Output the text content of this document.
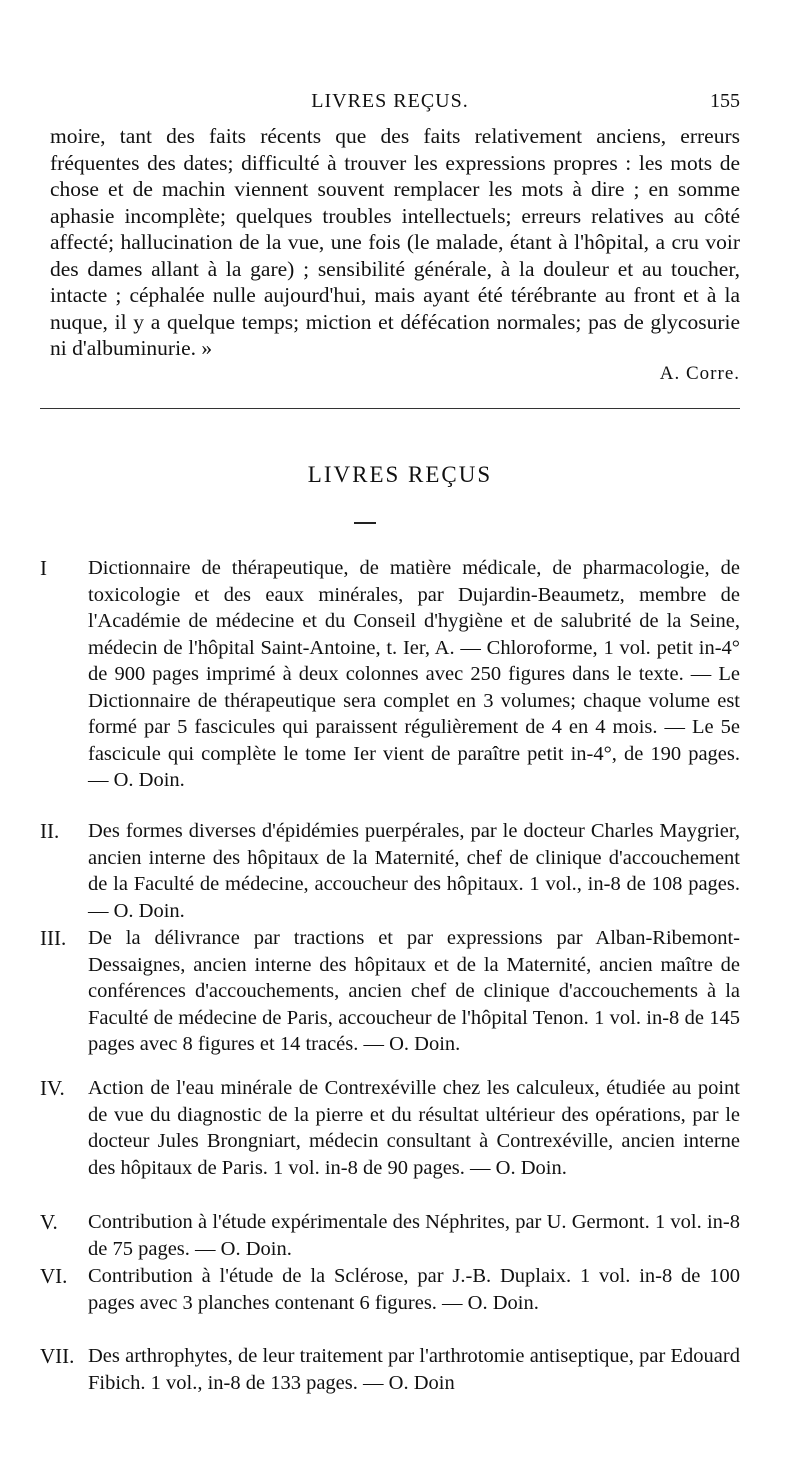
LIVRES REÇUS.	155

moire, tant des faits récents que des faits relativement anciens, erreurs fréquentes des dates; difficulté à trouver les expressions propres : les mots de chose et de machin viennent souvent remplacer les mots à dire ; en somme aphasie incomplète; quelques troubles intellectuels; erreurs relatives au côté affecté; hallucination de la vue, une fois (le malade, étant à l'hôpital, a cru voir des dames allant à la gare) ; sensibilité générale, à la douleur et au toucher, intacte ; céphalée nulle aujourd'hui, mais ayant été térébrante au front et à la nuque, il y a quelque temps; miction et défécation normales; pas de glycosurie ni d'albuminurie. »

A. Corre.
LIVRES REÇUS
I	Dictionnaire de thérapeutique, de matière médicale, de pharmacologie, de toxicologie et des eaux minérales, par Dujardin-Beaumetz, membre de l'Académie de médecine et du Conseil d'hygiène et de salubrité de la Seine, médecin de l'hôpital Saint-Antoine, t. Ier, A. — Chloroforme, 1 vol. petit in-4° de 900 pages imprimé à deux colonnes avec 250 figures dans le texte. — Le Dictionnaire de thérapeutique sera complet en 3 volumes; chaque volume est formé par 5 fascicules qui paraissent régulièrement de 4 en 4 mois. — Le 5e fascicule qui complète le tome Ier vient de paraître petit in-4°, de 190 pages. — O. Doin.
II.	Des formes diverses d'épidémies puerpérales, par le docteur Charles Maygrier, ancien interne des hôpitaux de la Maternité, chef de clinique d'accouchement de la Faculté de médecine, accoucheur des hôpitaux. 1 vol., in-8 de 108 pages. — O. Doin.
III.	De la délivrance par tractions et par expressions par Alban-Ribemont-Dessaignes, ancien interne des hôpitaux et de la Maternité, ancien maître de conférences d'accouchements, ancien chef de clinique d'accouchements à la Faculté de médecine de Paris, accoucheur de l'hôpital Tenon. 1 vol. in-8 de 145 pages avec 8 figures et 14 tracés. — O. Doin.
IV.	Action de l'eau minérale de Contrexéville chez les calculeux, étudiée au point de vue du diagnostic de la pierre et du résultat ultérieur des opérations, par le docteur Jules Brongniart, médecin consultant à Contrexéville, ancien interne des hôpitaux de Paris. 1 vol. in-8 de 90 pages. — O. Doin.
V.	Contribution à l'étude expérimentale des Néphrites, par U. Germont. 1 vol. in-8 de 75 pages. — O. Doin.
VI.	Contribution à l'étude de la Sclérose, par J.-B. Duplaix. 1 vol. in-8 de 100 pages avec 3 planches contenant 6 figures. — O. Doin.
VII. Des arthrophytes, de leur traitement par l'arthrotomie antiseptique, par Edouard Fibich. 1 vol., in-8 de 133 pages. — O. Doin
